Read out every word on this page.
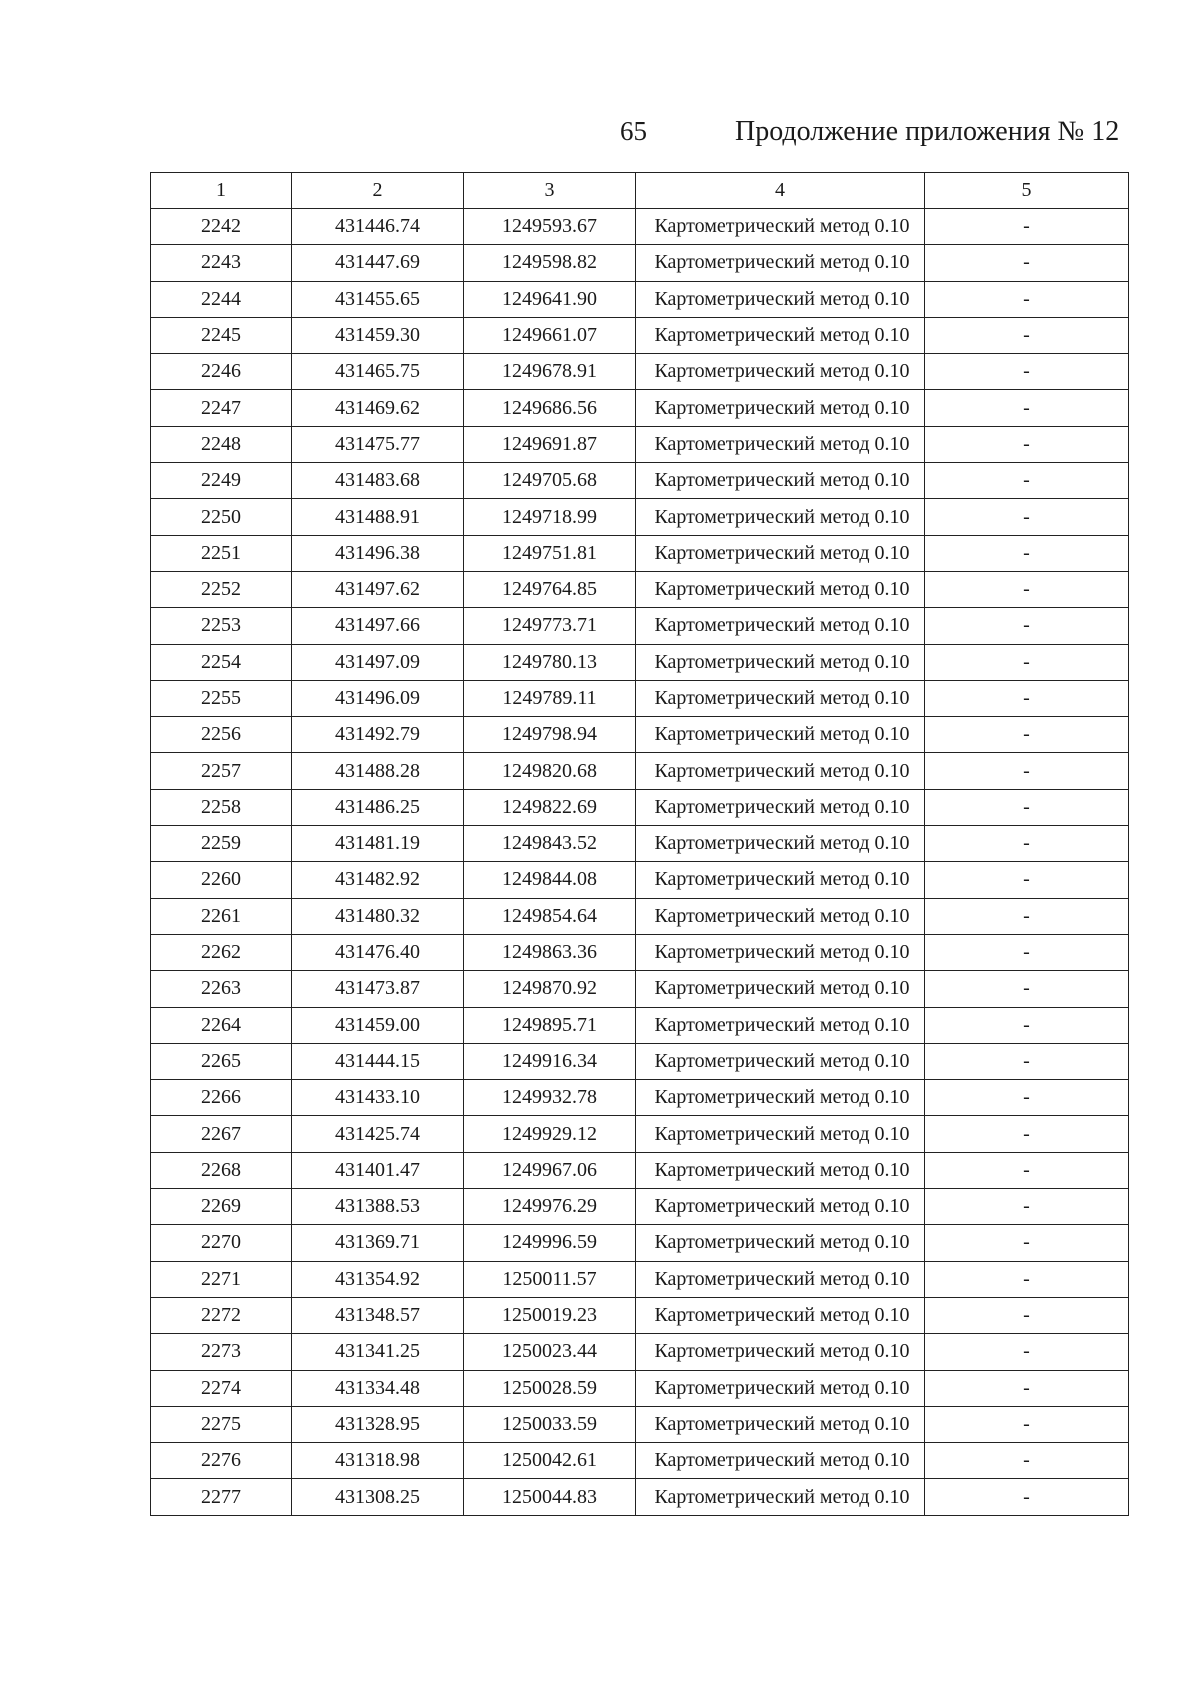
65	Продолжение приложения № 12
1	2	3	4	5
2242	431446.74	1249593.67	Картометрический метод 0.10	-
2243	431447.69	1249598.82	Картометрический метод 0.10	-
2244	431455.65	1249641.90	Картометрический метод 0.10	-
2245	431459.30	1249661.07	Картометрический метод 0.10	-
2246	431465.75	1249678.91	Картометрический метод 0.10	-
2247	431469.62	1249686.56	Картометрический метод 0.10	-
2248	431475.77	1249691.87	Картометрический метод 0.10	-
2249	431483.68	1249705.68	Картометрический метод 0.10	-
2250	431488.91	1249718.99	Картометрический метод 0.10	-
2251	431496.38	1249751.81	Картометрический метод 0.10	-
2252	431497.62	1249764.85	Картометрический метод 0.10	-
2253	431497.66	1249773.71	Картометрический метод 0.10	-
2254	431497.09	1249780.13	Картометрический метод 0.10	-
2255	431496.09	1249789.11	Картометрический метод 0.10	-
2256	431492.79	1249798.94	Картометрический метод 0.10	-
2257	431488.28	1249820.68	Картометрический метод 0.10	-
2258	431486.25	1249822.69	Картометрический метод 0.10	-
2259	431481.19	1249843.52	Картометрический метод 0.10	-
2260	431482.92	1249844.08	Картометрический метод 0.10	-
2261	431480.32	1249854.64	Картометрический метод 0.10	-
2262	431476.40	1249863.36	Картометрический метод 0.10	-
2263	431473.87	1249870.92	Картометрический метод 0.10	-
2264	431459.00	1249895.71	Картометрический метод 0.10	-
2265	431444.15	1249916.34	Картометрический метод 0.10	-
2266	431433.10	1249932.78	Картометрический метод 0.10	-
2267	431425.74	1249929.12	Картометрический метод 0.10	-
2268	431401.47	1249967.06	Картометрический метод 0.10	-
2269	431388.53	1249976.29	Картометрический метод 0.10	-
2270	431369.71	1249996.59	Картометрический метод 0.10	-
2271	431354.92	1250011.57	Картометрический метод 0.10	-
2272	431348.57	1250019.23	Картометрический метод 0.10	-
2273	431341.25	1250023.44	Картометрический метод 0.10	-
2274	431334.48	1250028.59	Картометрический метод 0.10	-
2275	431328.95	1250033.59	Картометрический метод 0.10	-
2276	431318.98	1250042.61	Картометрический метод 0.10	-
2277	431308.25	1250044.83	Картометрический метод 0.10	-
